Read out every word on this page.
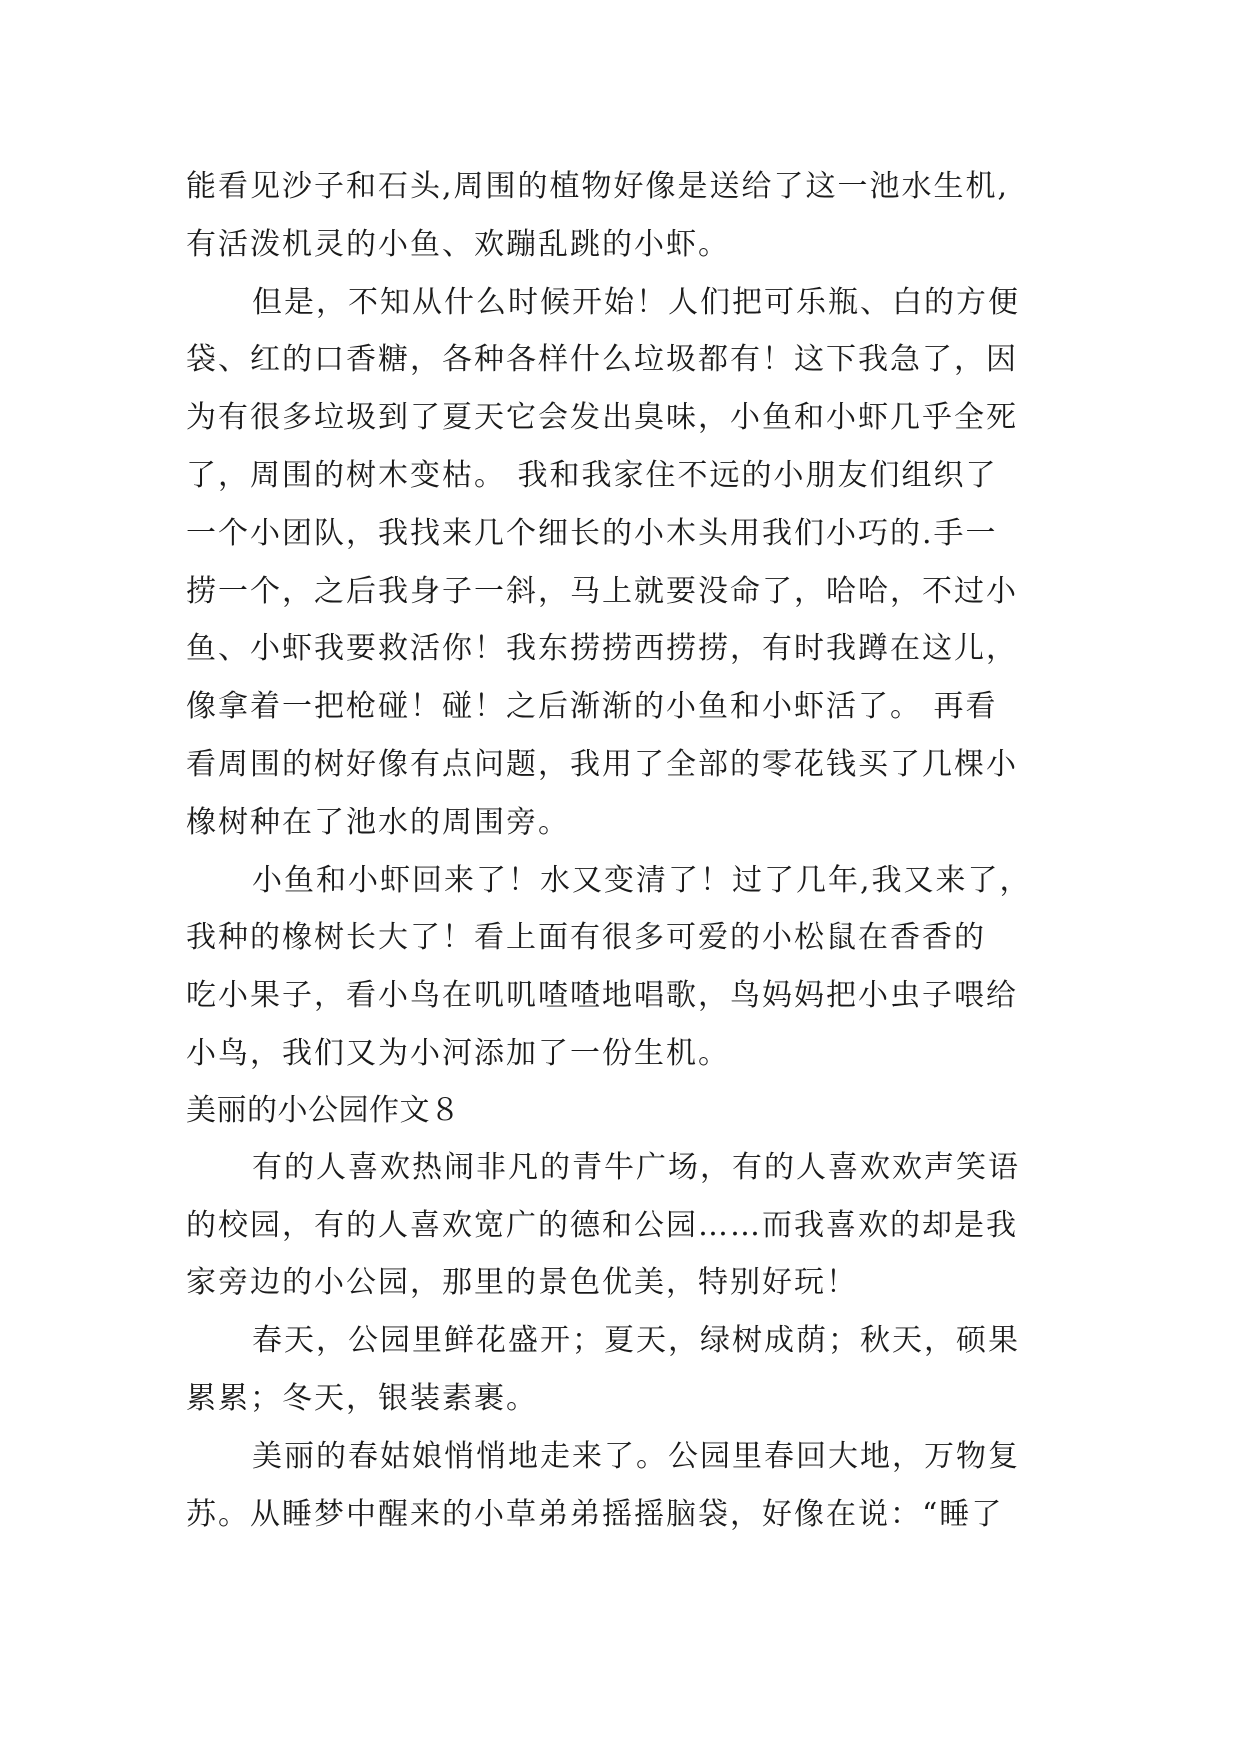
能看见沙子和石头,周围的植物好像是送给了这一池水生机,
有活泼机灵的小鱼、欢蹦乱跳的小虾。
但是，不知从什么时候开始！人们把可乐瓶、白的方便
袋、红的口香糖，各种各样什么垃圾都有！这下我急了，因
为有很多垃圾到了夏天它会发出臭味，小鱼和小虾几乎全死
了，周围的树木变枯。 我和我家住不远的小朋友们组织了
一个小团队，我找来几个细长的小木头用我们小巧的.手一
捞一个，之后我身子一斜，马上就要没命了，哈哈，不过小
鱼、小虾我要救活你！我东捞捞西捞捞，有时我蹲在这儿，
像拿着一把枪碰！碰！之后渐渐的小鱼和小虾活了。 再看
看周围的树好像有点问题，我用了全部的零花钱买了几棵小
橡树种在了池水的周围旁。
小鱼和小虾回来了！水又变清了！过了几年,我又来了，
我种的橡树长大了！看上面有很多可爱的小松鼠在香香的
吃小果子，看小鸟在叽叽喳喳地唱歌，鸟妈妈把小虫子喂给
小鸟，我们又为小河添加了一份生机。
美丽的小公园作文８
有的人喜欢热闹非凡的青牛广场，有的人喜欢欢声笑语
的校园，有的人喜欢宽广的德和公园……而我喜欢的却是我
家旁边的小公园，那里的景色优美，特别好玩！
春天，公园里鲜花盛开；夏天，绿树成荫；秋天，硕果
累累；冬天，银装素裹。
美丽的春姑娘悄悄地走来了。公园里春回大地，万物复
苏。从睡梦中醒来的小草弟弟摇摇脑袋，好像在说：“睡了
